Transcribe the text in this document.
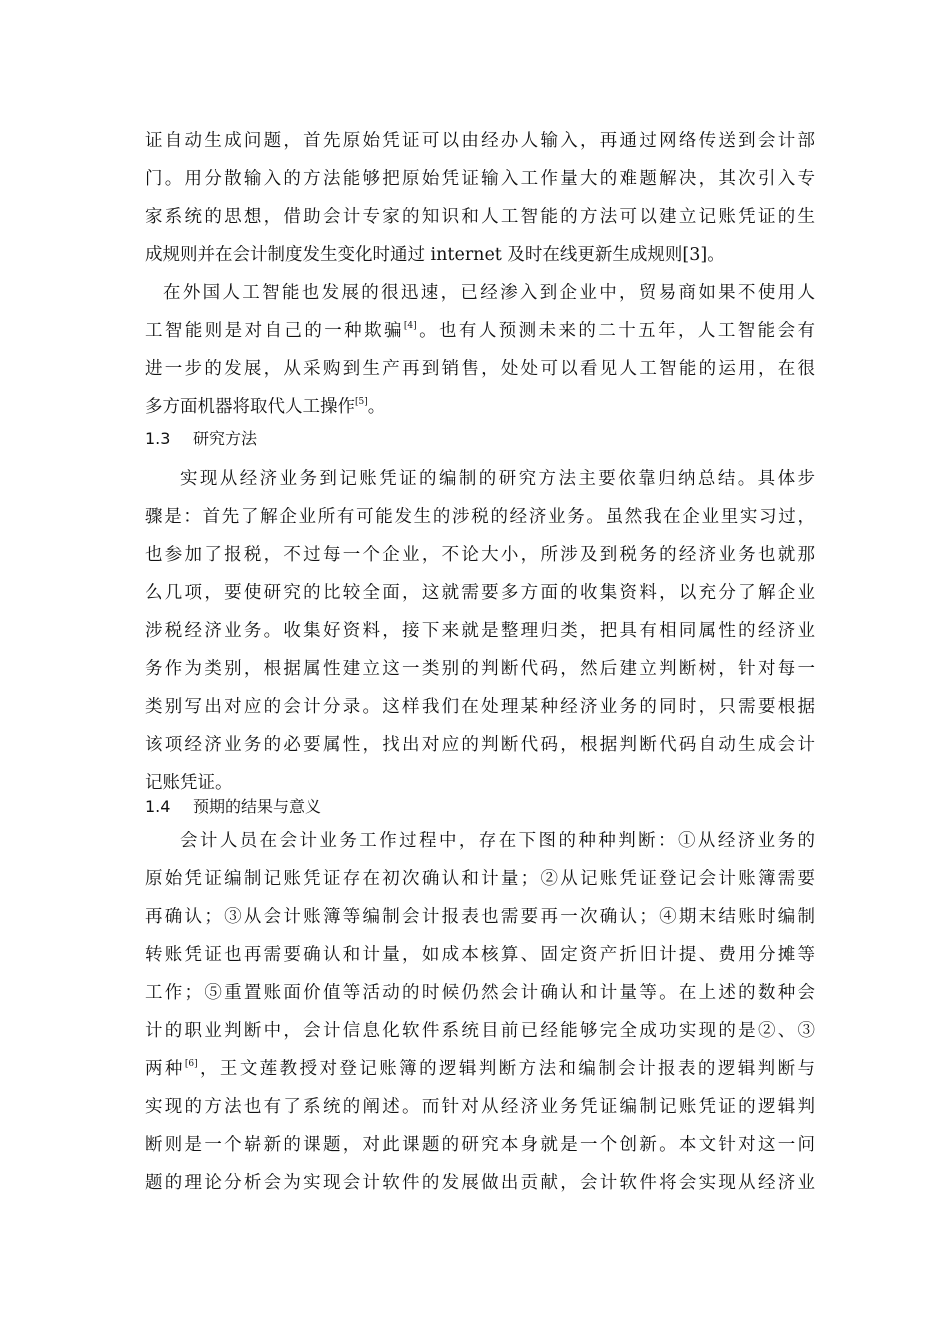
证自动生成问题，首先原始凭证可以由经办人输入，再通过网络传送到会计部
门。用分散输入的方法能够把原始凭证输入工作量大的难题解决，其次引入专
家系统的思想，借助会计专家的知识和人工智能的方法可以建立记账凭证的生
成规则并在会计制度发生变化时通过 internet 及时在线更新生成规则[3]。
在外国人工智能也发展的很迅速，已经渗入到企业中，贸易商如果不使用人
工智能则是对自己的一种欺骗[4]。也有人预测未来的二十五年，人工智能会有
进一步的发展，从采购到生产再到销售，处处可以看见人工智能的运用，在很
多方面机器将取代人工操作[5]。
1.3 研究方法
实现从经济业务到记账凭证的编制的研究方法主要依靠归纳总结。具体步
骤是：首先了解企业所有可能发生的涉税的经济业务。虽然我在企业里实习过，
也参加了报税，不过每一个企业，不论大小，所涉及到税务的经济业务也就那
么几项，要使研究的比较全面，这就需要多方面的收集资料，以充分了解企业
涉税经济业务。收集好资料，接下来就是整理归类，把具有相同属性的经济业
务作为类别，根据属性建立这一类别的判断代码，然后建立判断树，针对每一
类别写出对应的会计分录。这样我们在处理某种经济业务的同时，只需要根据
该项经济业务的必要属性，找出对应的判断代码，根据判断代码自动生成会计
记账凭证。
1.4 预期的结果与意义
会计人员在会计业务工作过程中，存在下图的种种判断：①从经济业务的
原始凭证编制记账凭证存在初次确认和计量；②从记账凭证登记会计账簿需要
再确认；③从会计账簿等编制会计报表也需要再一次确认；④期末结账时编制
转账凭证也再需要确认和计量，如成本核算、固定资产折旧计提、费用分摊等
工作；⑤重置账面价值等活动的时候仍然会计确认和计量等。在上述的数种会
计的职业判断中，会计信息化软件系统目前已经能够完全成功实现的是②、③
两种[6]，王文莲教授对登记账簿的逻辑判断方法和编制会计报表的逻辑判断与
实现的方法也有了系统的阐述。而针对从经济业务凭证编制记账凭证的逻辑判
断则是一个崭新的课题，对此课题的研究本身就是一个创新。本文针对这一问
题的理论分析会为实现会计软件的发展做出贡献，会计软件将会实现从经济业
